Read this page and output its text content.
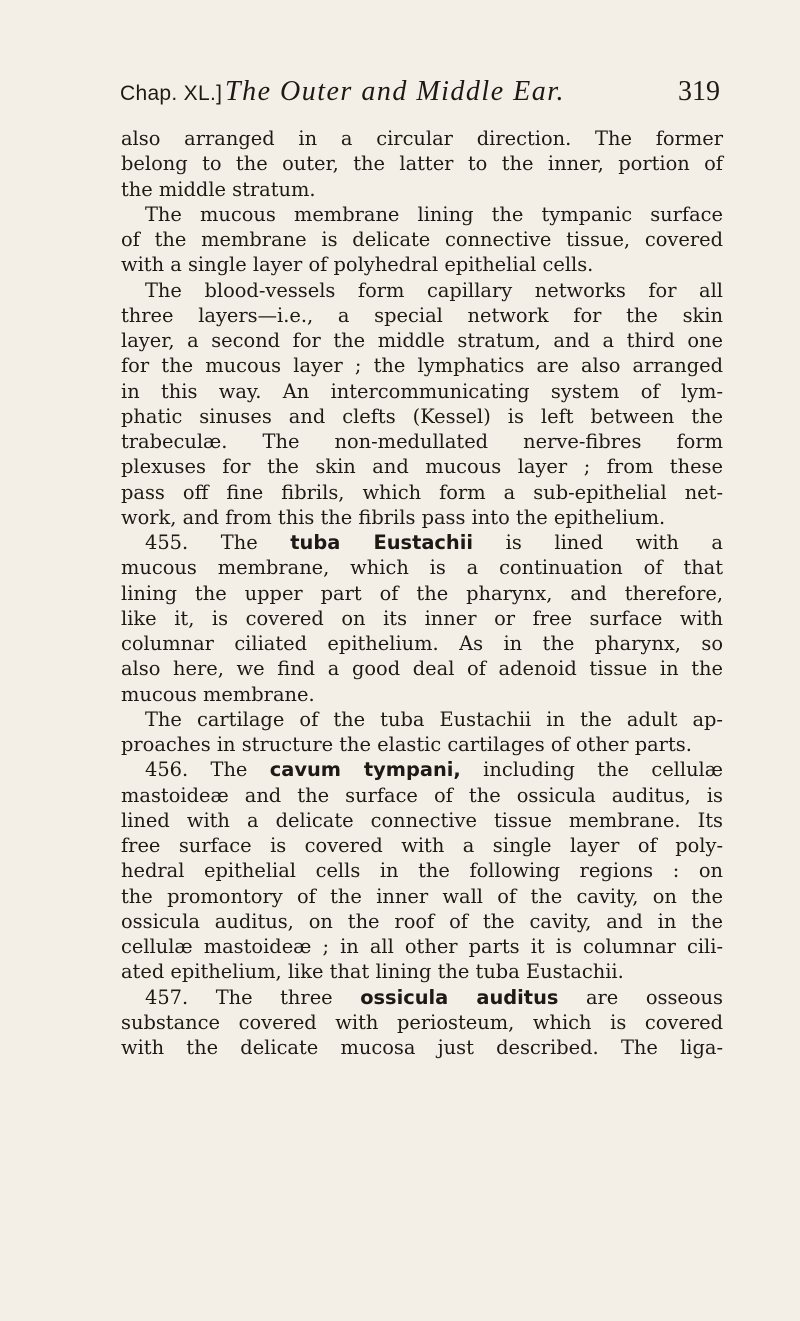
Chap. XL.] The Outer and Middle Ear.	319
also arranged in a circular direction. The former
belong to the outer, the latter to the inner, portion of
the middle stratum.
The mucous membrane lining the tympanic surface
of the membrane is delicate connective tissue, covered
with a single layer of polyhedral epithelial cells.
The blood-vessels form capillary networks for all
three layers—i.e., a special network for the skin
layer, a second for the middle stratum, and a third one
for the mucous layer ; the lymphatics are also arranged
in this way. An intercommunicating system of lym-
phatic sinuses and clefts (Kessel) is left between the
trabeculæ. The non-medullated nerve-fibres form
plexuses for the skin and mucous layer ; from these
pass off fine fibrils, which form a sub-epithelial net-
work, and from this the fibrils pass into the epithelium.
455. The tuba Eustachii is lined with a
mucous membrane, which is a continuation of that
lining the upper part of the pharynx, and therefore,
like it, is covered on its inner or free surface with
columnar ciliated epithelium. As in the pharynx, so
also here, we find a good deal of adenoid tissue in the
mucous membrane.
The cartilage of the tuba Eustachii in the adult ap-
proaches in structure the elastic cartilages of other parts.
456. The cavum tympani, including the cellulæ
mastoideæ and the surface of the ossicula auditus, is
lined with a delicate connective tissue membrane. Its
free surface is covered with a single layer of poly-
hedral epithelial cells in the following regions : on
the promontory of the inner wall of the cavity, on the
ossicula auditus, on the roof of the cavity, and in the
cellulæ mastoideæ ; in all other parts it is columnar cili-
ated epithelium, like that lining the tuba Eustachii.
457. The three ossicula auditus are osseous
substance covered with periosteum, which is covered
with the delicate mucosa just described. The liga-
